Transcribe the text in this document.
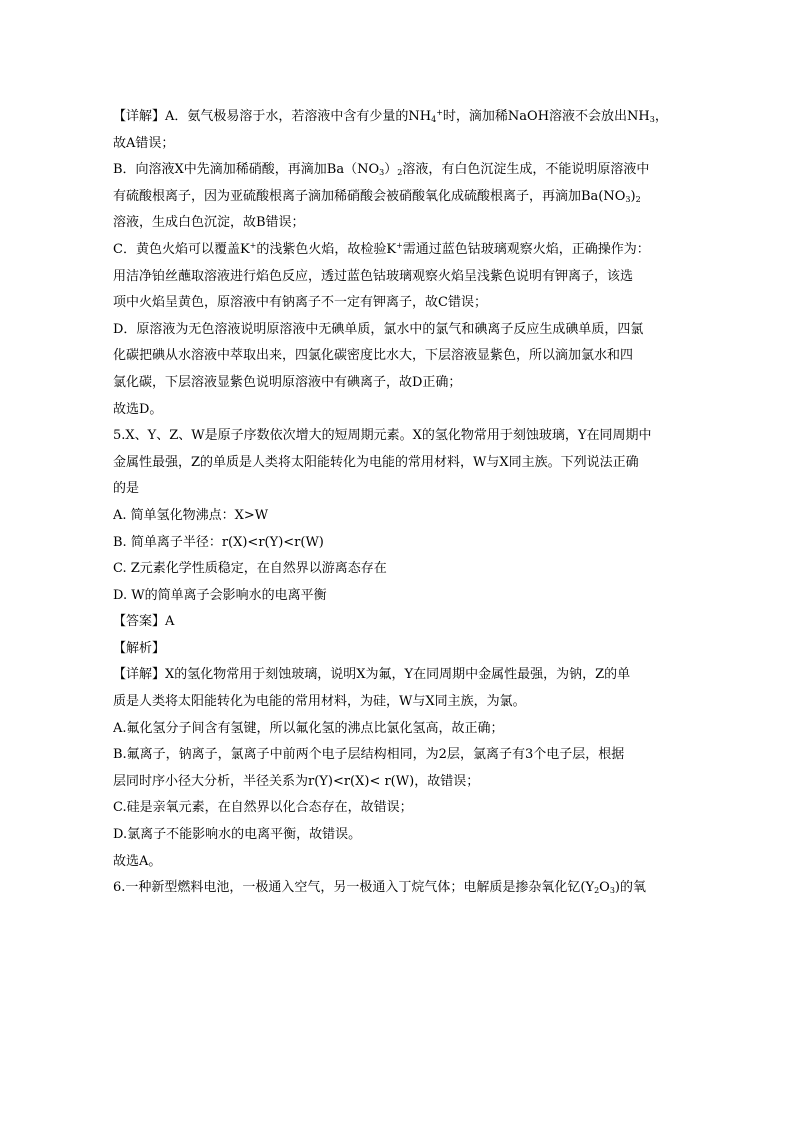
【详解】A．氨气极易溶于水，若溶液中含有少量的$NH_4^+$时，滴加稀NaOH溶液不会放出$NH_3$，
故A错误；
B．向溶液X中先滴加稀硝酸，再滴加$Ba(NO_3)_2$溶液，有白色沉淀生成，不能说明原溶液中
有硫酸根离子，因为亚硫酸根离子滴加稀硝酸会被硝酸氧化成硫酸根离子，再滴加$Ba(NO_3)_2$
溶液，生成白色沉淀，故B错误；
C．黄色火焰可以覆盖K+的浅紫色火焰，故检验K+需通过蓝色钴玻璃观察火焰，正确操作为：
用洁净铂丝蘸取溶液进行焰色反应，透过蓝色钴玻璃观察火焰呈浅紫色说明有钾离子，该选
项中火焰呈黄色，原溶液中有钠离子不一定有钾离子，故C错误；
D．原溶液为无色溶液说明原溶液中无碘单质，氯水中的氯气和碘离子反应生成碘单质，四氯
化碳把碘从水溶液中萃取出来，四氯化碳密度比水大，下层溶液显紫色，所以滴加氯水和四
氯化碳，下层溶液显紫色说明原溶液中有碘离子，故D正确；
故选D。
5.X、Y、Z、W是原子序数依次增大的短周期元素。X的氢化物常用于刻蚀玻璃，Y在同周期中
金属性最强，Z的单质是人类将太阳能转化为电能的常用材料，W与X同主族。下列说法正确
的是
A. 简单氢化物沸点：X>W
B. 简单离子半径：r(X)<r(Y)<r(W)
C. Z元素化学性质稳定，在自然界以游离态存在
D. W的简单离子会影响水的电离平衡
【答案】A
【解析】
【详解】X的氢化物常用于刻蚀玻璃，说明X为氟，Y在同周期中金属性最强，为钠，Z的单
质是人类将太阳能转化为电能的常用材料，为硅，W与X同主族，为氯。
A.氟化氢分子间含有氢键，所以氟化氢的沸点比氯化氢高，故正确；
B.氟离子，钠离子，氯离子中前两个电子层结构相同，为2层，氯离子有3个电子层，根据
层同时序小径大分析，半径关系为r(Y)<r(X)< r(W)，故错误；
C.硅是亲氧元素，在自然界以化合态存在，故错误；
D.氯离子不能影响水的电离平衡，故错误。
故选A。
6.一种新型燃料电池，一极通入空气，另一极通入丁烷气体；电解质是掺杂氧化钇$(Y_2O_3)$的氧
